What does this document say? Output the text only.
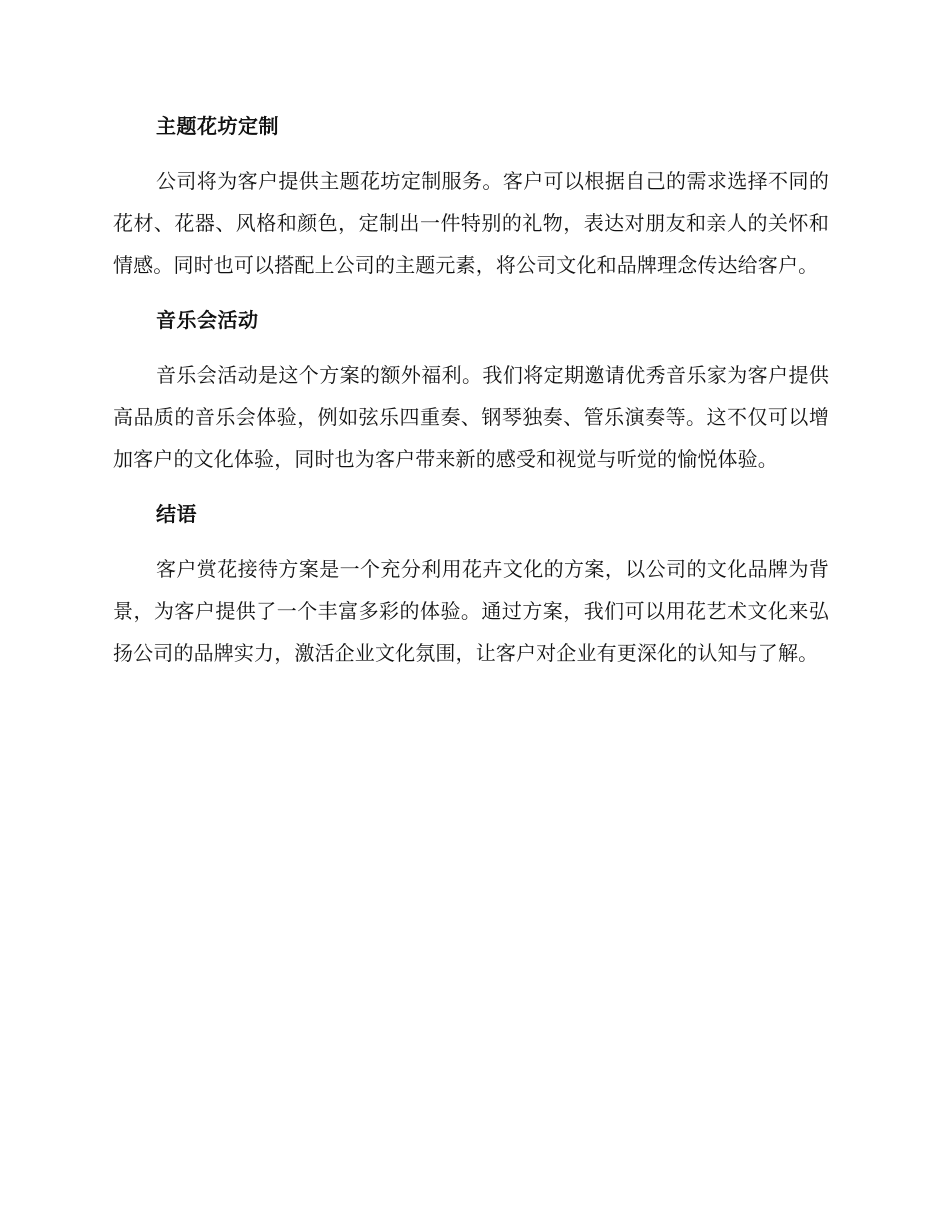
主题花坊定制

公司将为客户提供主题花坊定制服务。客户可以根据自己的需求选择不同的花材、花器、风格和颜色，定制出一件特别的礼物，表达对朋友和亲人的关怀和情感。同时也可以搭配上公司的主题元素，将公司文化和品牌理念传达给客户。

音乐会活动

音乐会活动是这个方案的额外福利。我们将定期邀请优秀音乐家为客户提供高品质的音乐会体验，例如弦乐四重奏、钢琴独奏、管乐演奏等。这不仅可以增加客户的文化体验，同时也为客户带来新的感受和视觉与听觉的愉悦体验。

结语

客户赏花接待方案是一个充分利用花卉文化的方案，以公司的文化品牌为背景，为客户提供了一个丰富多彩的体验。通过方案，我们可以用花艺术文化来弘扬公司的品牌实力，激活企业文化氛围，让客户对企业有更深化的认知与了解。
